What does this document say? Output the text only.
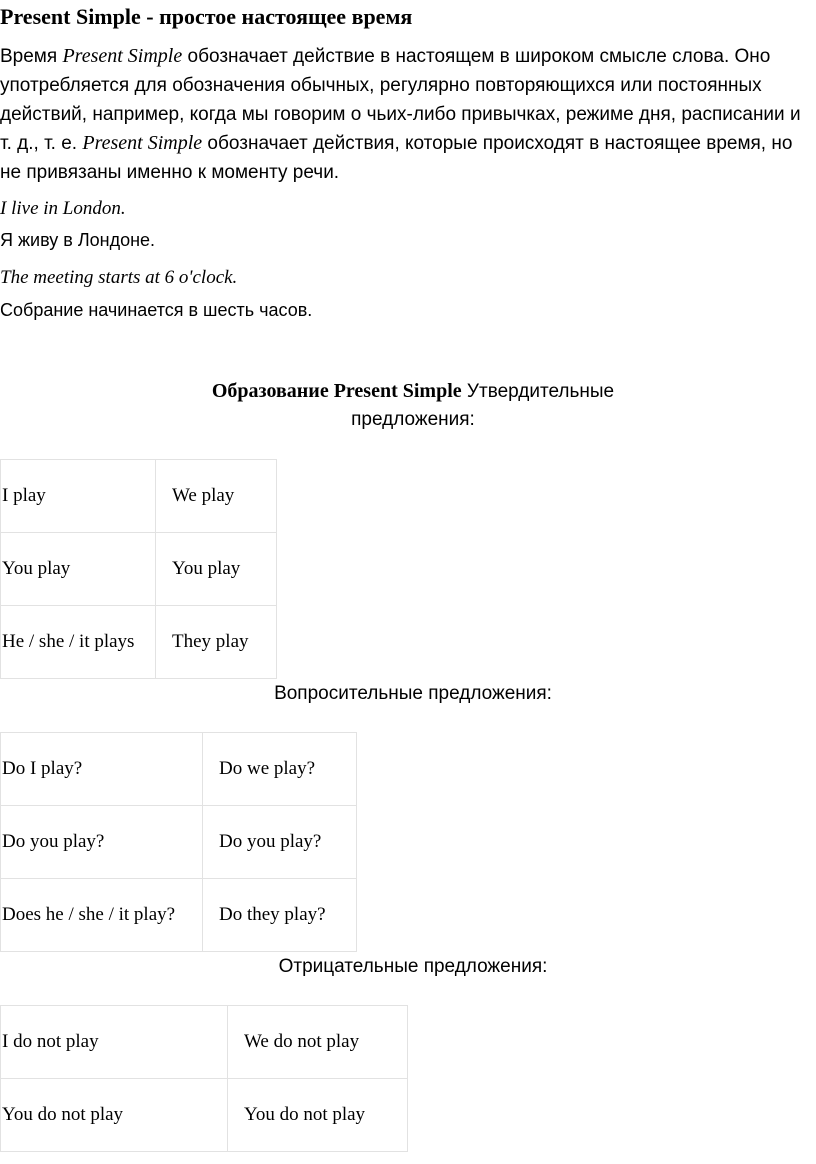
Present Simple - простое настоящее время
Время Present Simple обозначает действие в настоящем в широком смысле слова. Оно употребляется для обозначения обычных, регулярно повторяющихся или постоянных действий, например, когда мы говорим о чьих-либо привычках, режиме дня, расписании и т. д., т. е. Present Simple обозначает действия, которые происходят в настоящее время, но не привязаны именно к моменту речи.
I live in London.
Я живу в Лондоне.
The meeting starts at 6 o'clock.
Собрание начинается в шесть часов.
Образование Present Simple Утвердительные
предложения:
I play	We play
You play	You play
He / she / it plays	They play
Вопросительные предложения:
Do I play?	Do we play?
Do you play?	Do you play?
Does he / she / it play?	Do they play?
Отрицательные предложения:
I do not play	We do not play
You do not play	You do not play
